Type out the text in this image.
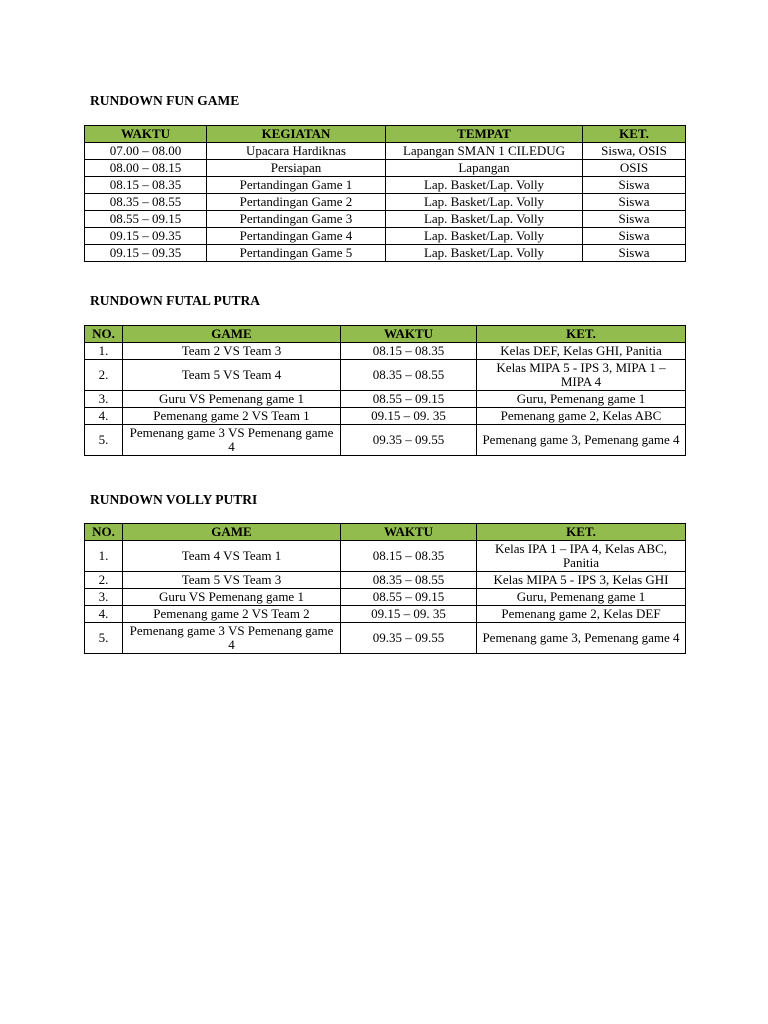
RUNDOWN FUN GAME
WAKTU	KEGIATAN	TEMPAT	KET.
07.00 – 08.00	Upacara Hardiknas	Lapangan SMAN 1 CILEDUG	Siswa, OSIS
08.00 – 08.15	Persiapan	Lapangan	OSIS
08.15 – 08.35	Pertandingan Game 1	Lap. Basket/Lap. Volly	Siswa
08.35 – 08.55	Pertandingan Game 2	Lap. Basket/Lap. Volly	Siswa
08.55 – 09.15	Pertandingan Game 3	Lap. Basket/Lap. Volly	Siswa
09.15 – 09.35	Pertandingan Game 4	Lap. Basket/Lap. Volly	Siswa
09.15 – 09.35	Pertandingan Game 5	Lap. Basket/Lap. Volly	Siswa
RUNDOWN FUTAL PUTRA
NO.	GAME	WAKTU	KET.
1.	Team 2 VS Team 3	08.15 – 08.35	Kelas DEF, Kelas GHI, Panitia
2.	Team 5 VS Team 4	08.35 – 08.55	Kelas MIPA 5 - IPS 3, MIPA 1 – MIPA 4
3.	Guru VS Pemenang game 1	08.55 – 09.15	Guru, Pemenang game 1
4.	Pemenang game 2 VS Team 1	09.15 – 09. 35	Pemenang game 2, Kelas ABC
5.	Pemenang game 3 VS Pemenang game 4	09.35 – 09.55	Pemenang game 3, Pemenang game 4
RUNDOWN VOLLY PUTRI
NO.	GAME	WAKTU	KET.
1.	Team 4 VS Team 1	08.15 – 08.35	Kelas IPA 1 – IPA 4, Kelas ABC, Panitia
2.	Team 5 VS Team 3	08.35 – 08.55	Kelas MIPA 5 - IPS 3, Kelas GHI
3.	Guru VS Pemenang game 1	08.55 – 09.15	Guru, Pemenang game 1
4.	Pemenang game 2 VS Team 2	09.15 – 09. 35	Pemenang game 2, Kelas DEF
5.	Pemenang game 3 VS Pemenang game 4	09.35 – 09.55	Pemenang game 3, Pemenang game 4
